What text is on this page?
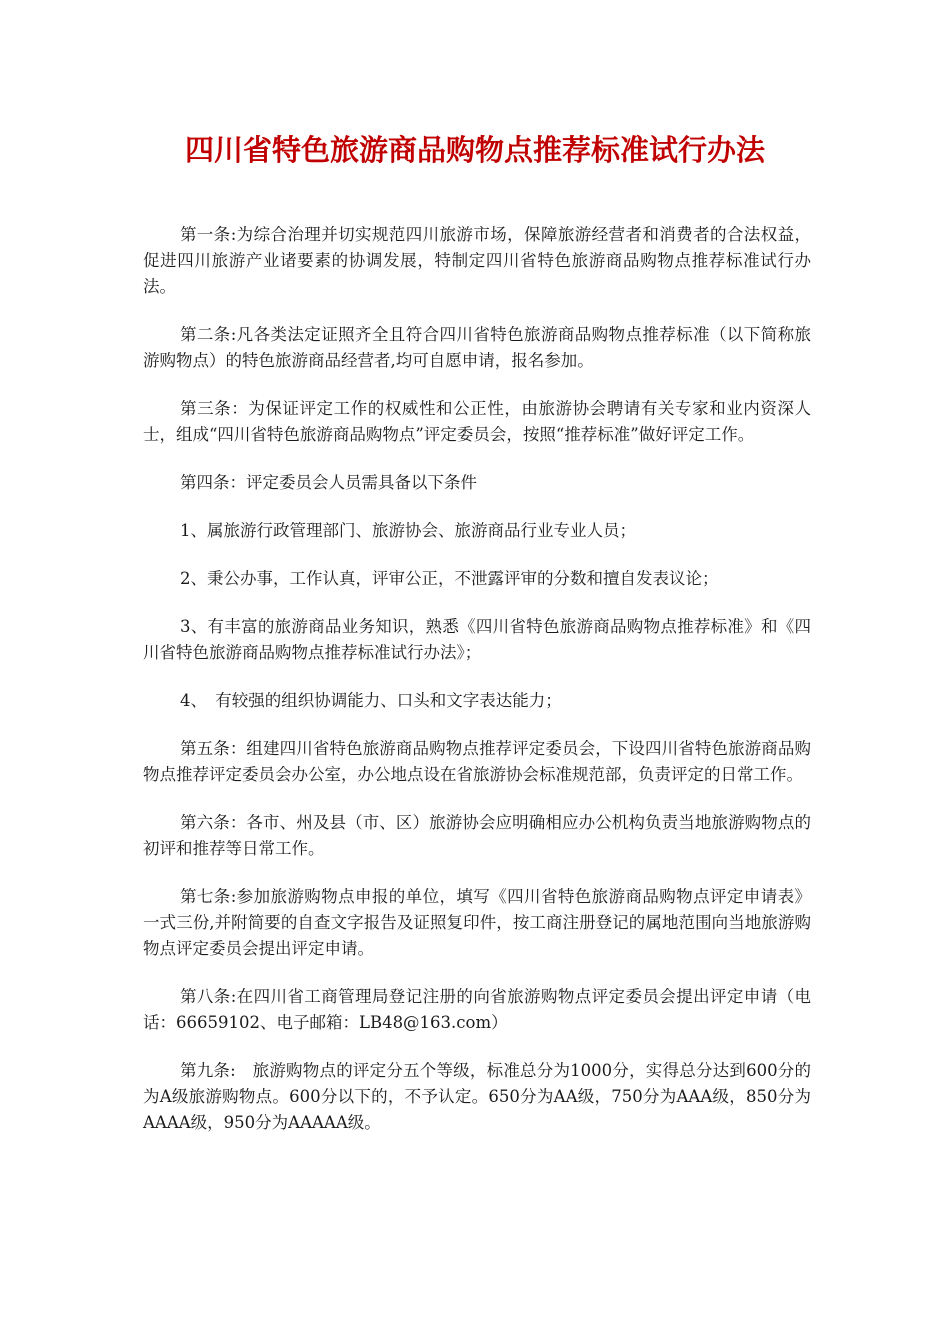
四川省特色旅游商品购物点推荐标准试行办法

第一条:为综合治理并切实规范四川旅游市场，保障旅游经营者和消费者的合法权益，促进四川旅游产业诸要素的协调发展，特制定四川省特色旅游商品购物点推荐标准试行办法。

第二条:凡各类法定证照齐全且符合四川省特色旅游商品购物点推荐标准（以下简称旅游购物点）的特色旅游商品经营者,均可自愿申请，报名参加。

第三条：为保证评定工作的权威性和公正性，由旅游协会聘请有关专家和业内资深人士，组成“四川省特色旅游商品购物点”评定委员会，按照“推荐标准”做好评定工作。

第四条：评定委员会人员需具备以下条件

1、属旅游行政管理部门、旅游协会、旅游商品行业专业人员；

2、秉公办事，工作认真，评审公正，不泄露评审的分数和擅自发表议论；

3、有丰富的旅游商品业务知识，熟悉《四川省特色旅游商品购物点推荐标准》和《四川省特色旅游商品购物点推荐标准试行办法》；

4、　有较强的组织协调能力、口头和文字表达能力；

第五条：组建四川省特色旅游商品购物点推荐评定委员会，下设四川省特色旅游商品购物点推荐评定委员会办公室，办公地点设在省旅游协会标准规范部，负责评定的日常工作。

第六条：各市、州及县（市、区）旅游协会应明确相应办公机构负责当地旅游购物点的初评和推荐等日常工作。

第七条:参加旅游购物点申报的单位，填写《四川省特色旅游商品购物点评定申请表》一式三份,并附简要的自查文字报告及证照复印件，按工商注册登记的属地范围向当地旅游购物点评定委员会提出评定申请。

第八条:在四川省工商管理局登记注册的向省旅游购物点评定委员会提出评定申请（电话：66659102、电子邮箱：LB48@163.com）

第九条:　旅游购物点的评定分五个等级，标准总分为1000分，实得总分达到600分的为A级旅游购物点。600分以下的，不予认定。650分为AA级，750分为AAA级，850分为AAAA级，950分为AAAAA级。
